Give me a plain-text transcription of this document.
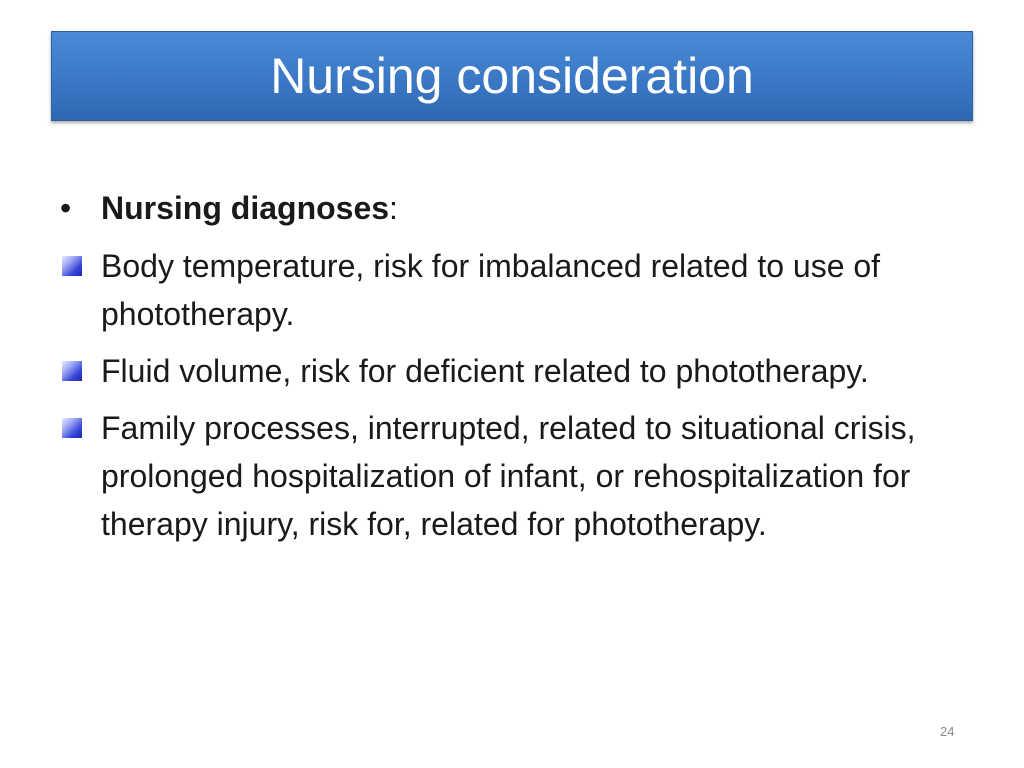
Nursing consideration
• Nursing diagnoses:
Body temperature, risk for imbalanced related to use of phototherapy.
Fluid volume, risk for deficient related to phototherapy.
Family processes, interrupted, related to situational crisis, prolonged hospitalization of infant, or rehospitalization for therapy injury, risk for, related for phototherapy.
24
